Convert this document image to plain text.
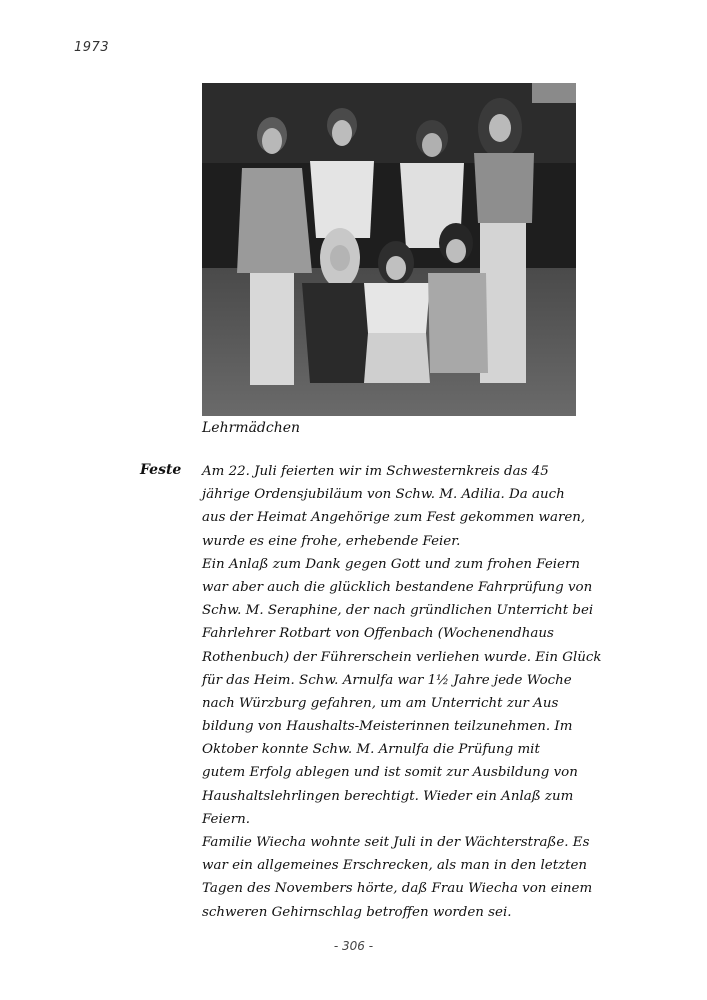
1973
Lehrmädchen
Feste Am 22. Juli feierten wir im Schwesternkreis das 45
jährige Ordensjubiläum von Schw. M. Adilia. Da auch
aus der Heimat Angehörige zum Fest gekommen waren,
wurde es eine frohe, erhebende Feier.
Ein Anlaß zum Dank gegen Gott und zum frohen Feiern
war aber auch die glücklich bestandene Fahrprüfung von
Schw. M. Seraphine, der nach gründlichen Unterricht bei
Fahrlehrer Rotbart von Offenbach (Wochenendhaus
Rothenbuch) der Führerschein verliehen wurde. Ein Glück
für das Heim. Schw. Arnulfa war 1½ Jahre jede Woche
nach Würzburg gefahren, um am Unterricht zur Aus
bildung von Haushalts-Meisterinnen teilzunehmen. Im
Oktober konnte Schw. M. Arnulfa die Prüfung mit
gutem Erfolg ablegen und ist somit zur Ausbildung von
Haushaltslehrlingen berechtigt. Wieder ein Anlaß zum
Feiern.
Familie Wiecha wohnte seit Juli in der Wächterstraße. Es
war ein allgemeines Erschrecken, als man in den letzten
Tagen des Novembers hörte, daß Frau Wiecha von einem
schweren Gehirnschlag betroffen worden sei.
- 306 -
